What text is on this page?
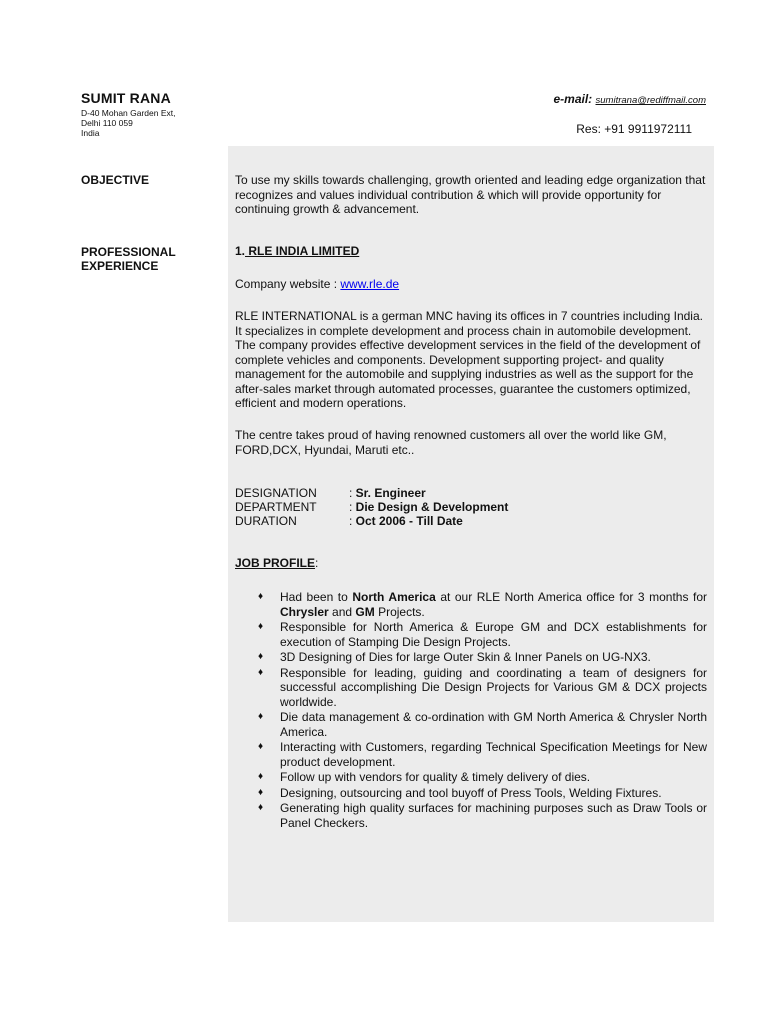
SUMIT RANA
D-40 Mohan Garden Ext,
Delhi 110 059
India
e-mail: sumitrana@rediffmail.com
Res: +91 9911972111
OBJECTIVE	To use my skills towards challenging, growth oriented and leading edge organization that recognizes and values individual contribution & which will provide opportunity for continuing growth & advancement.
PROFESSIONAL
EXPERIENCE
1. RLE INDIA LIMITED
Company website : www.rle.de
RLE INTERNATIONAL is a german MNC having its offices in 7 countries including India. It specializes in complete development and process chain in automobile development. The company provides effective development services in the field of the development of complete vehicles and components. Development supporting project- and quality management for the automobile and supplying industries as well as the support for the after-sales market through automated processes, guarantee the customers optimized, efficient and modern operations.
The centre takes proud of having renowned customers all over the world like GM, FORD,DCX, Hyundai, Maruti etc..
DESIGNATION	: Sr. Engineer
DEPARTMENT	: Die Design & Development
DURATION	: Oct 2006 - Till Date
JOB PROFILE:
♦ Had been to North America at our RLE North America office for 3 months for Chrysler and GM Projects.
♦ Responsible for North America & Europe GM and DCX establishments for execution of Stamping Die Design Projects.
♦ 3D Designing of Dies for large Outer Skin & Inner Panels on UG-NX3.
♦ Responsible for leading, guiding and coordinating a team of designers for successful accomplishing Die Design Projects for Various GM & DCX projects worldwide.
♦ Die data management & co-ordination with GM North America & Chrysler North America.
♦ Interacting with Customers, regarding Technical Specification Meetings for New product development.
♦ Follow up with vendors for quality & timely delivery of dies.
♦ Designing, outsourcing and tool buyoff of Press Tools, Welding Fixtures.
♦ Generating high quality surfaces for machining purposes such as Draw Tools or Panel Checkers.
